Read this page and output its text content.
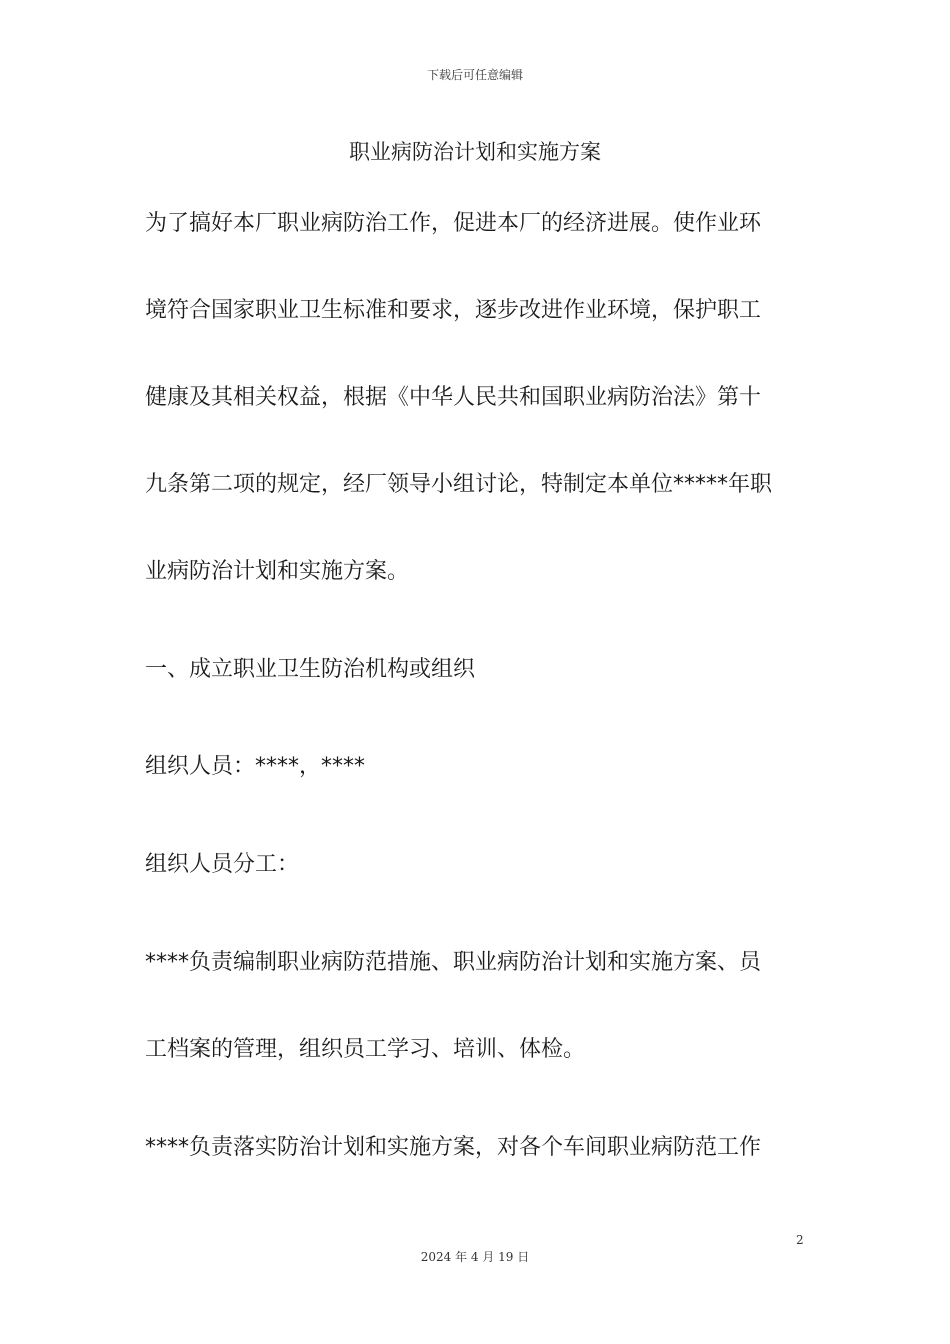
下载后可任意编辑
职业病防治计划和实施方案
为了搞好本厂职业病防治工作，促进本厂的经济进展。使作业环
境符合国家职业卫生标准和要求，逐步改进作业环境，保护职工
健康及其相关权益，根据《中华人民共和国职业病防治法》第十
九条第二项的规定，经厂领导小组讨论，特制定本单位*****年职
业病防治计划和实施方案。
一、成立职业卫生防治机构或组织
组织人员：****，****
组织人员分工：
****负责编制职业病防范措施、职业病防治计划和实施方案、员
工档案的管理，组织员工学习、培训、体检。
****负责落实防治计划和实施方案，对各个车间职业病防范工作
2
2024 年 4 月 19 日
